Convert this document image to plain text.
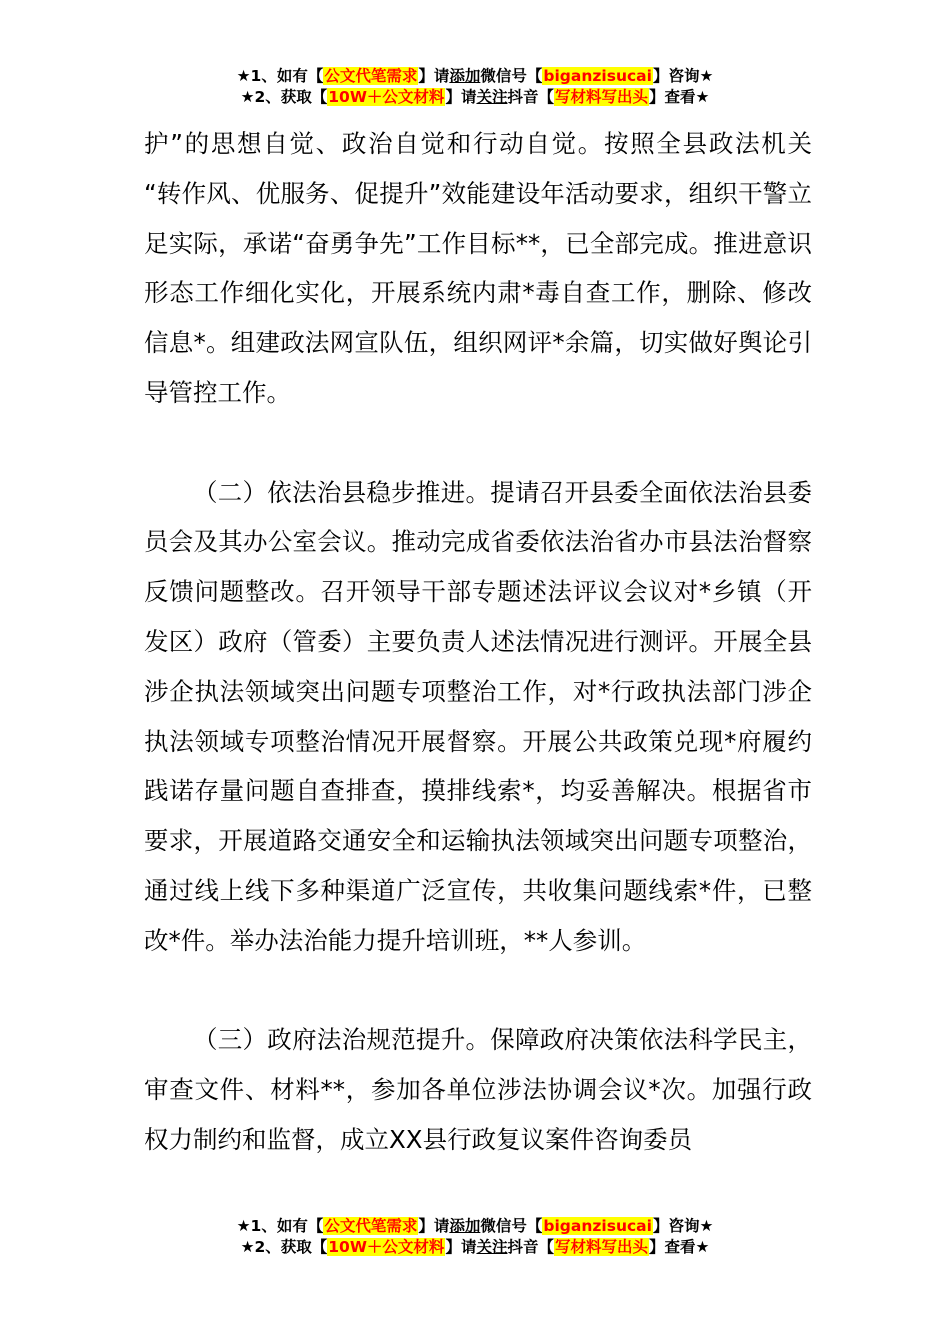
★1、如有【公文代笔需求】请添加微信号【biganzisucai】咨询★
★2、获取【10W＋公文材料】请关注抖音【写材料写出头】查看★

护”的思想自觉、政治自觉和行动自觉。按照全县政法机关 “转作风、优服务、促提升”效能建设年活动要求，组织干警立足实际，承诺“奋勇争先”工作目标**，已全部完成。推进意识形态工作细化实化，开展系统内肃*毒自查工作，删除、修改信息*。组建政法网宣队伍，组织网评*余篇，切实做好舆论引导管控工作。

（二）依法治县稳步推进。提请召开县委全面依法治县委员会及其办公室会议。推动完成省委依法治省办市县法治督察反馈问题整改。召开领导干部专题述法评议会议对*乡镇（开发区）政府（管委）主要负责人述法情况进行测评。开展全县涉企执法领域突出问题专项整治工作，对*行政执法部门涉企执法领域专项整治情况开展督察。开展公共政策兑现*府履约践诺存量问题自查排查，摸排线索*，均妥善解决。根据省市要求，开展道路交通安全和运输执法领域突出问题专项整治，通过线上线下多种渠道广泛宣传，共收集问题线索*件，已整改*件。举办法治能力提升培训班，**人参训。

（三）政府法治规范提升。保障政府决策依法科学民主，审查文件、材料**，参加各单位涉法协调会议*次。加强行政权力制约和监督，成立XX县行政复议案件咨询委员

★1、如有【公文代笔需求】请添加微信号【biganzisucai】咨询★
★2、获取【10W＋公文材料】请关注抖音【写材料写出头】查看★
